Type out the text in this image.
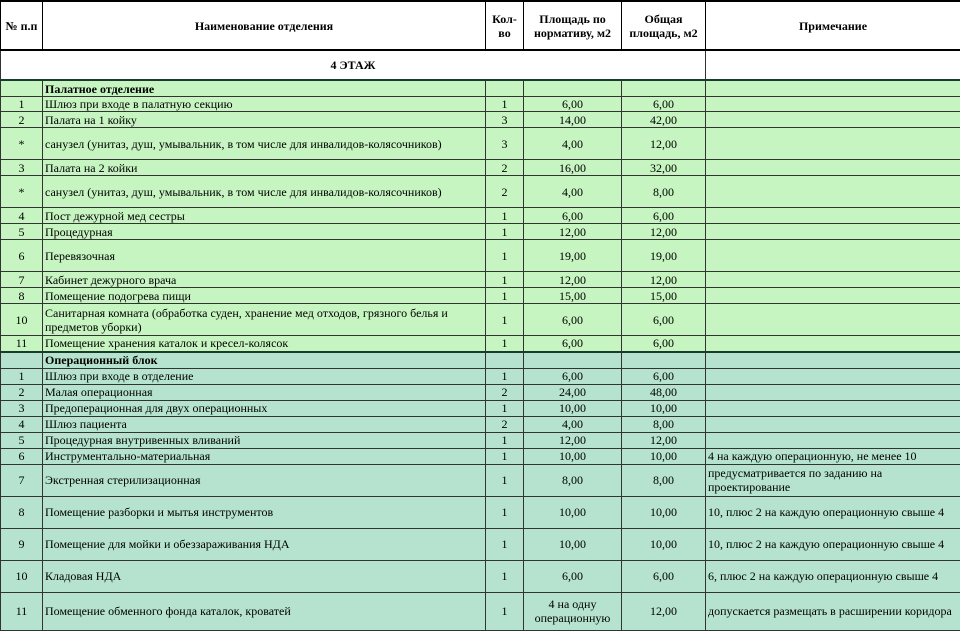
№ п.п	Наименование отделения	Кол-во	Площадь по нормативу, м2	Общая площадь, м2	Примечание
4 ЭТАЖ					
	Палатное отделение				
1	Шлюз при входе в палатную секцию	1	6,00	6,00	
2	Палата на 1 койку	3	14,00	42,00	
*	санузел (унитаз, душ, умывальник, в том числе для инвалидов-колясочников)	3	4,00	12,00	
3	Палата на 2 койки	2	16,00	32,00	
*	санузел (унитаз, душ, умывальник, в том числе для инвалидов-колясочников)	2	4,00	8,00	
4	Пост дежурной мед сестры	1	6,00	6,00	
5	Процедурная	1	12,00	12,00	
6	Перевязочная	1	19,00	19,00	
7	Кабинет дежурного врача	1	12,00	12,00	
8	Помещение подогрева пищи	1	15,00	15,00	
10	Санитарная комната (обработка суден, хранение мед отходов, грязного белья и предметов уборки)	1	6,00	6,00	
11	Помещение хранения каталок и кресел-колясок	1	6,00	6,00	
	Операционный блок				
1	Шлюз при входе в отделение	1	6,00	6,00	
2	Малая операционная	2	24,00	48,00	
3	Предоперационная для двух операционных	1	10,00	10,00	
4	Шлюз пациента	2	4,00	8,00	
5	Процедурная внутривенных вливаний	1	12,00	12,00	
6	Инструментально-материальная	1	10,00	10,00	4 на каждую операционную, не менее 10
7	Экстренная стерилизационная	1	8,00	8,00	предусматривается по заданию на проектирование
8	Помещение разборки и мытья инструментов	1	10,00	10,00	10, плюс 2 на каждую операционную свыше 4
9	Помещение для мойки и обеззараживания НДА	1	10,00	10,00	10, плюс 2 на каждую операционную свыше 4
10	Кладовая НДА	1	6,00	6,00	6, плюс 2 на каждую операционную свыше 4
11	Помещение обменного фонда каталок, кроватей	1	4 на одну операционную	12,00	допускается размещать в расширении коридора
